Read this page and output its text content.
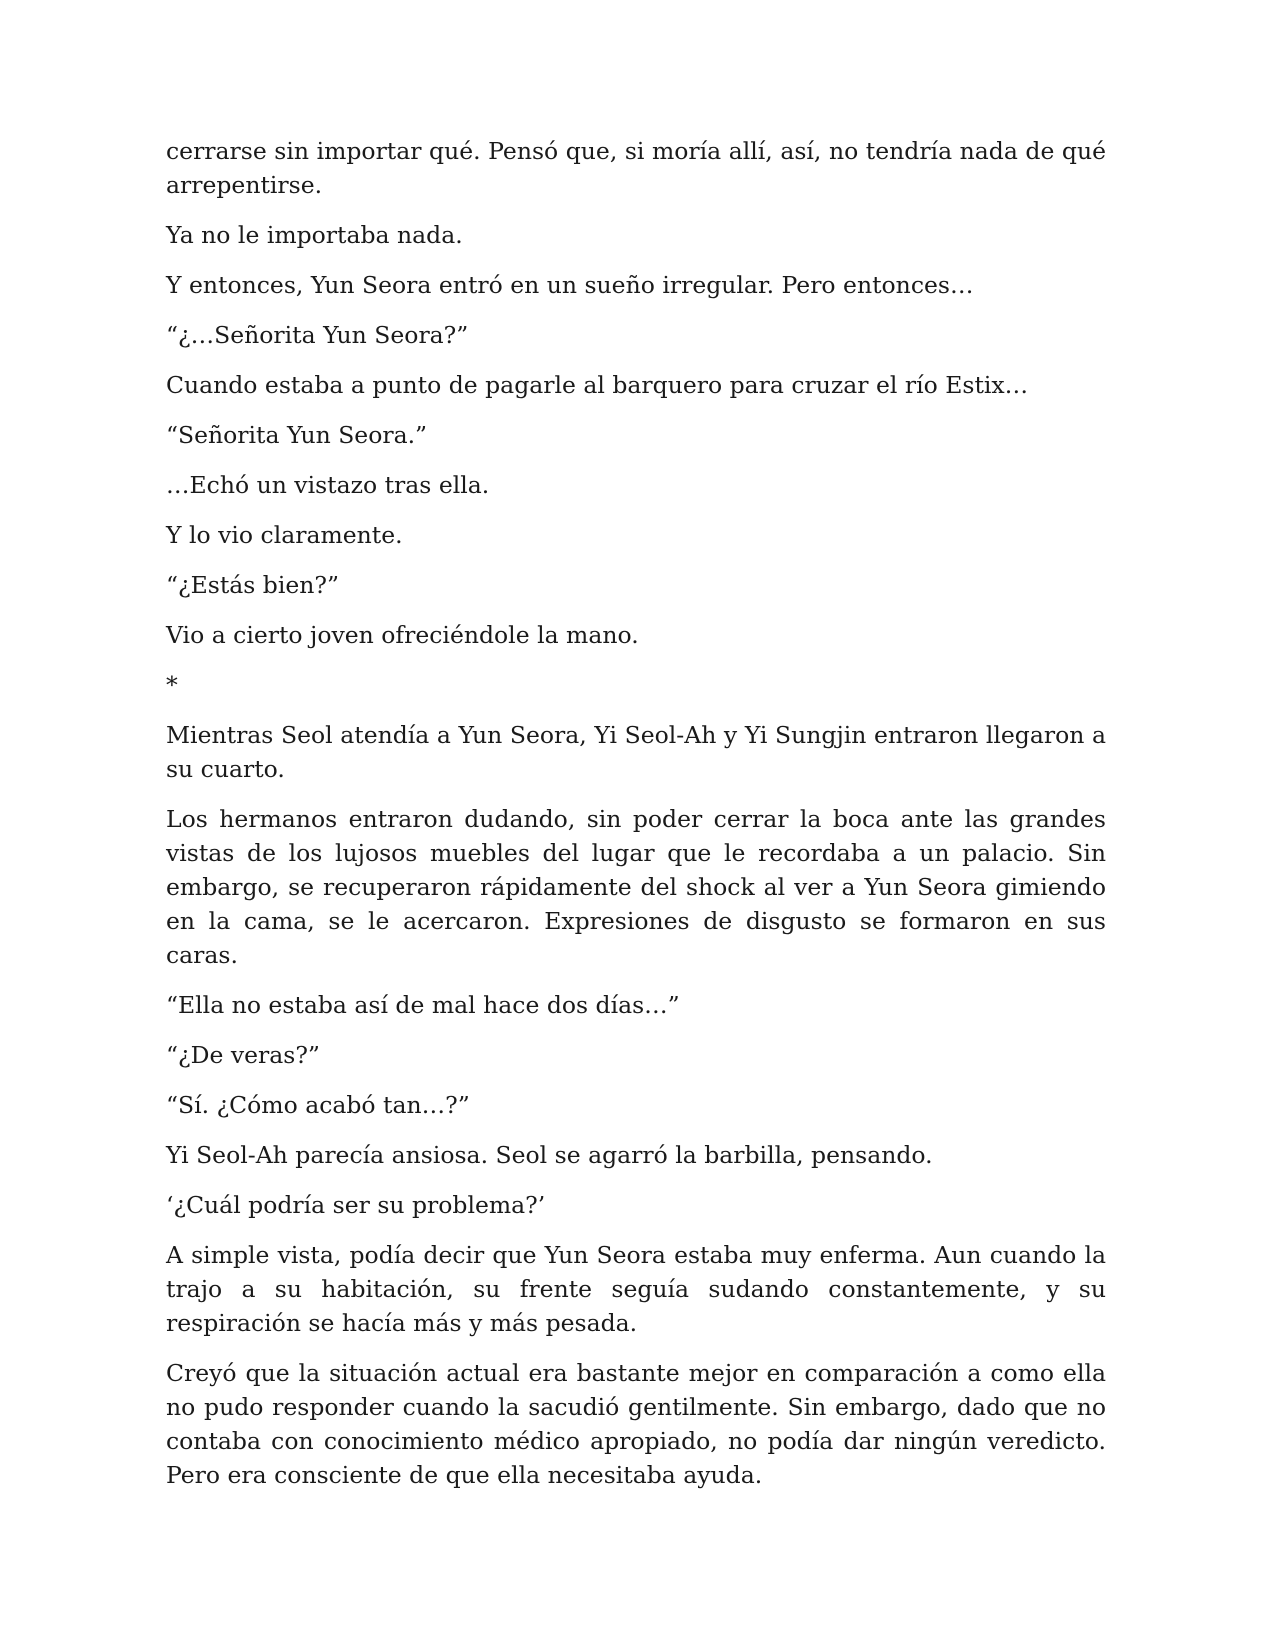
cerrarse sin importar qué. Pensó que, si moría allí, así, no tendría nada de qué arrepentirse.

Ya no le importaba nada.

Y entonces, Yun Seora entró en un sueño irregular. Pero entonces…

“¿…Señorita Yun Seora?”

Cuando estaba a punto de pagarle al barquero para cruzar el río Estix…

“Señorita Yun Seora.”

…Echó un vistazo tras ella.

Y lo vio claramente.

“¿Estás bien?”

Vio a cierto joven ofreciéndole la mano.

*

Mientras Seol atendía a Yun Seora, Yi Seol-Ah y Yi Sungjin entraron llegaron a su cuarto.

Los hermanos entraron dudando, sin poder cerrar la boca ante las grandes vistas de los lujosos muebles del lugar que le recordaba a un palacio. Sin embargo, se recuperaron rápidamente del shock al ver a Yun Seora gimiendo en la cama, se le acercaron. Expresiones de disgusto se formaron en sus caras.

“Ella no estaba así de mal hace dos días…”

“¿De veras?”

“Sí. ¿Cómo acabó tan…?”

Yi Seol-Ah parecía ansiosa. Seol se agarró la barbilla, pensando.

‘¿Cuál podría ser su problema?’

A simple vista, podía decir que Yun Seora estaba muy enferma. Aun cuando la trajo a su habitación, su frente seguía sudando constantemente, y su respiración se hacía más y más pesada.

Creyó que la situación actual era bastante mejor en comparación a como ella no pudo responder cuando la sacudió gentilmente. Sin embargo, dado que no contaba con conocimiento médico apropiado, no podía dar ningún veredicto. Pero era consciente de que ella necesitaba ayuda.
